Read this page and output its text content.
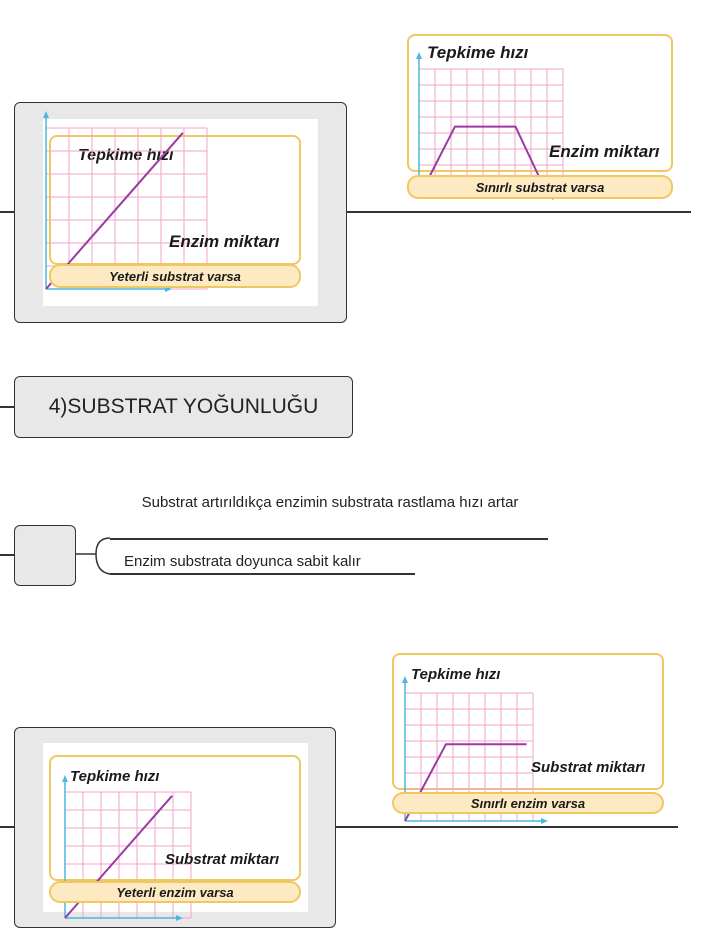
Tepkime hızı
Enzim miktarı
Yeterli substrat varsa
Tepkime hızı
Enzim miktarı
Sınırlı substrat varsa
4)SUBSTRAT YOĞUNLUĞU
Substrat artırıldıkça enzimin substrata rastlama hızı artar
Enzim substrata doyunca sabit kalır
Tepkime hızı
Substrat miktarı
Yeterli enzim varsa
Tepkime hızı
Substrat miktarı
Sınırlı enzim varsa
